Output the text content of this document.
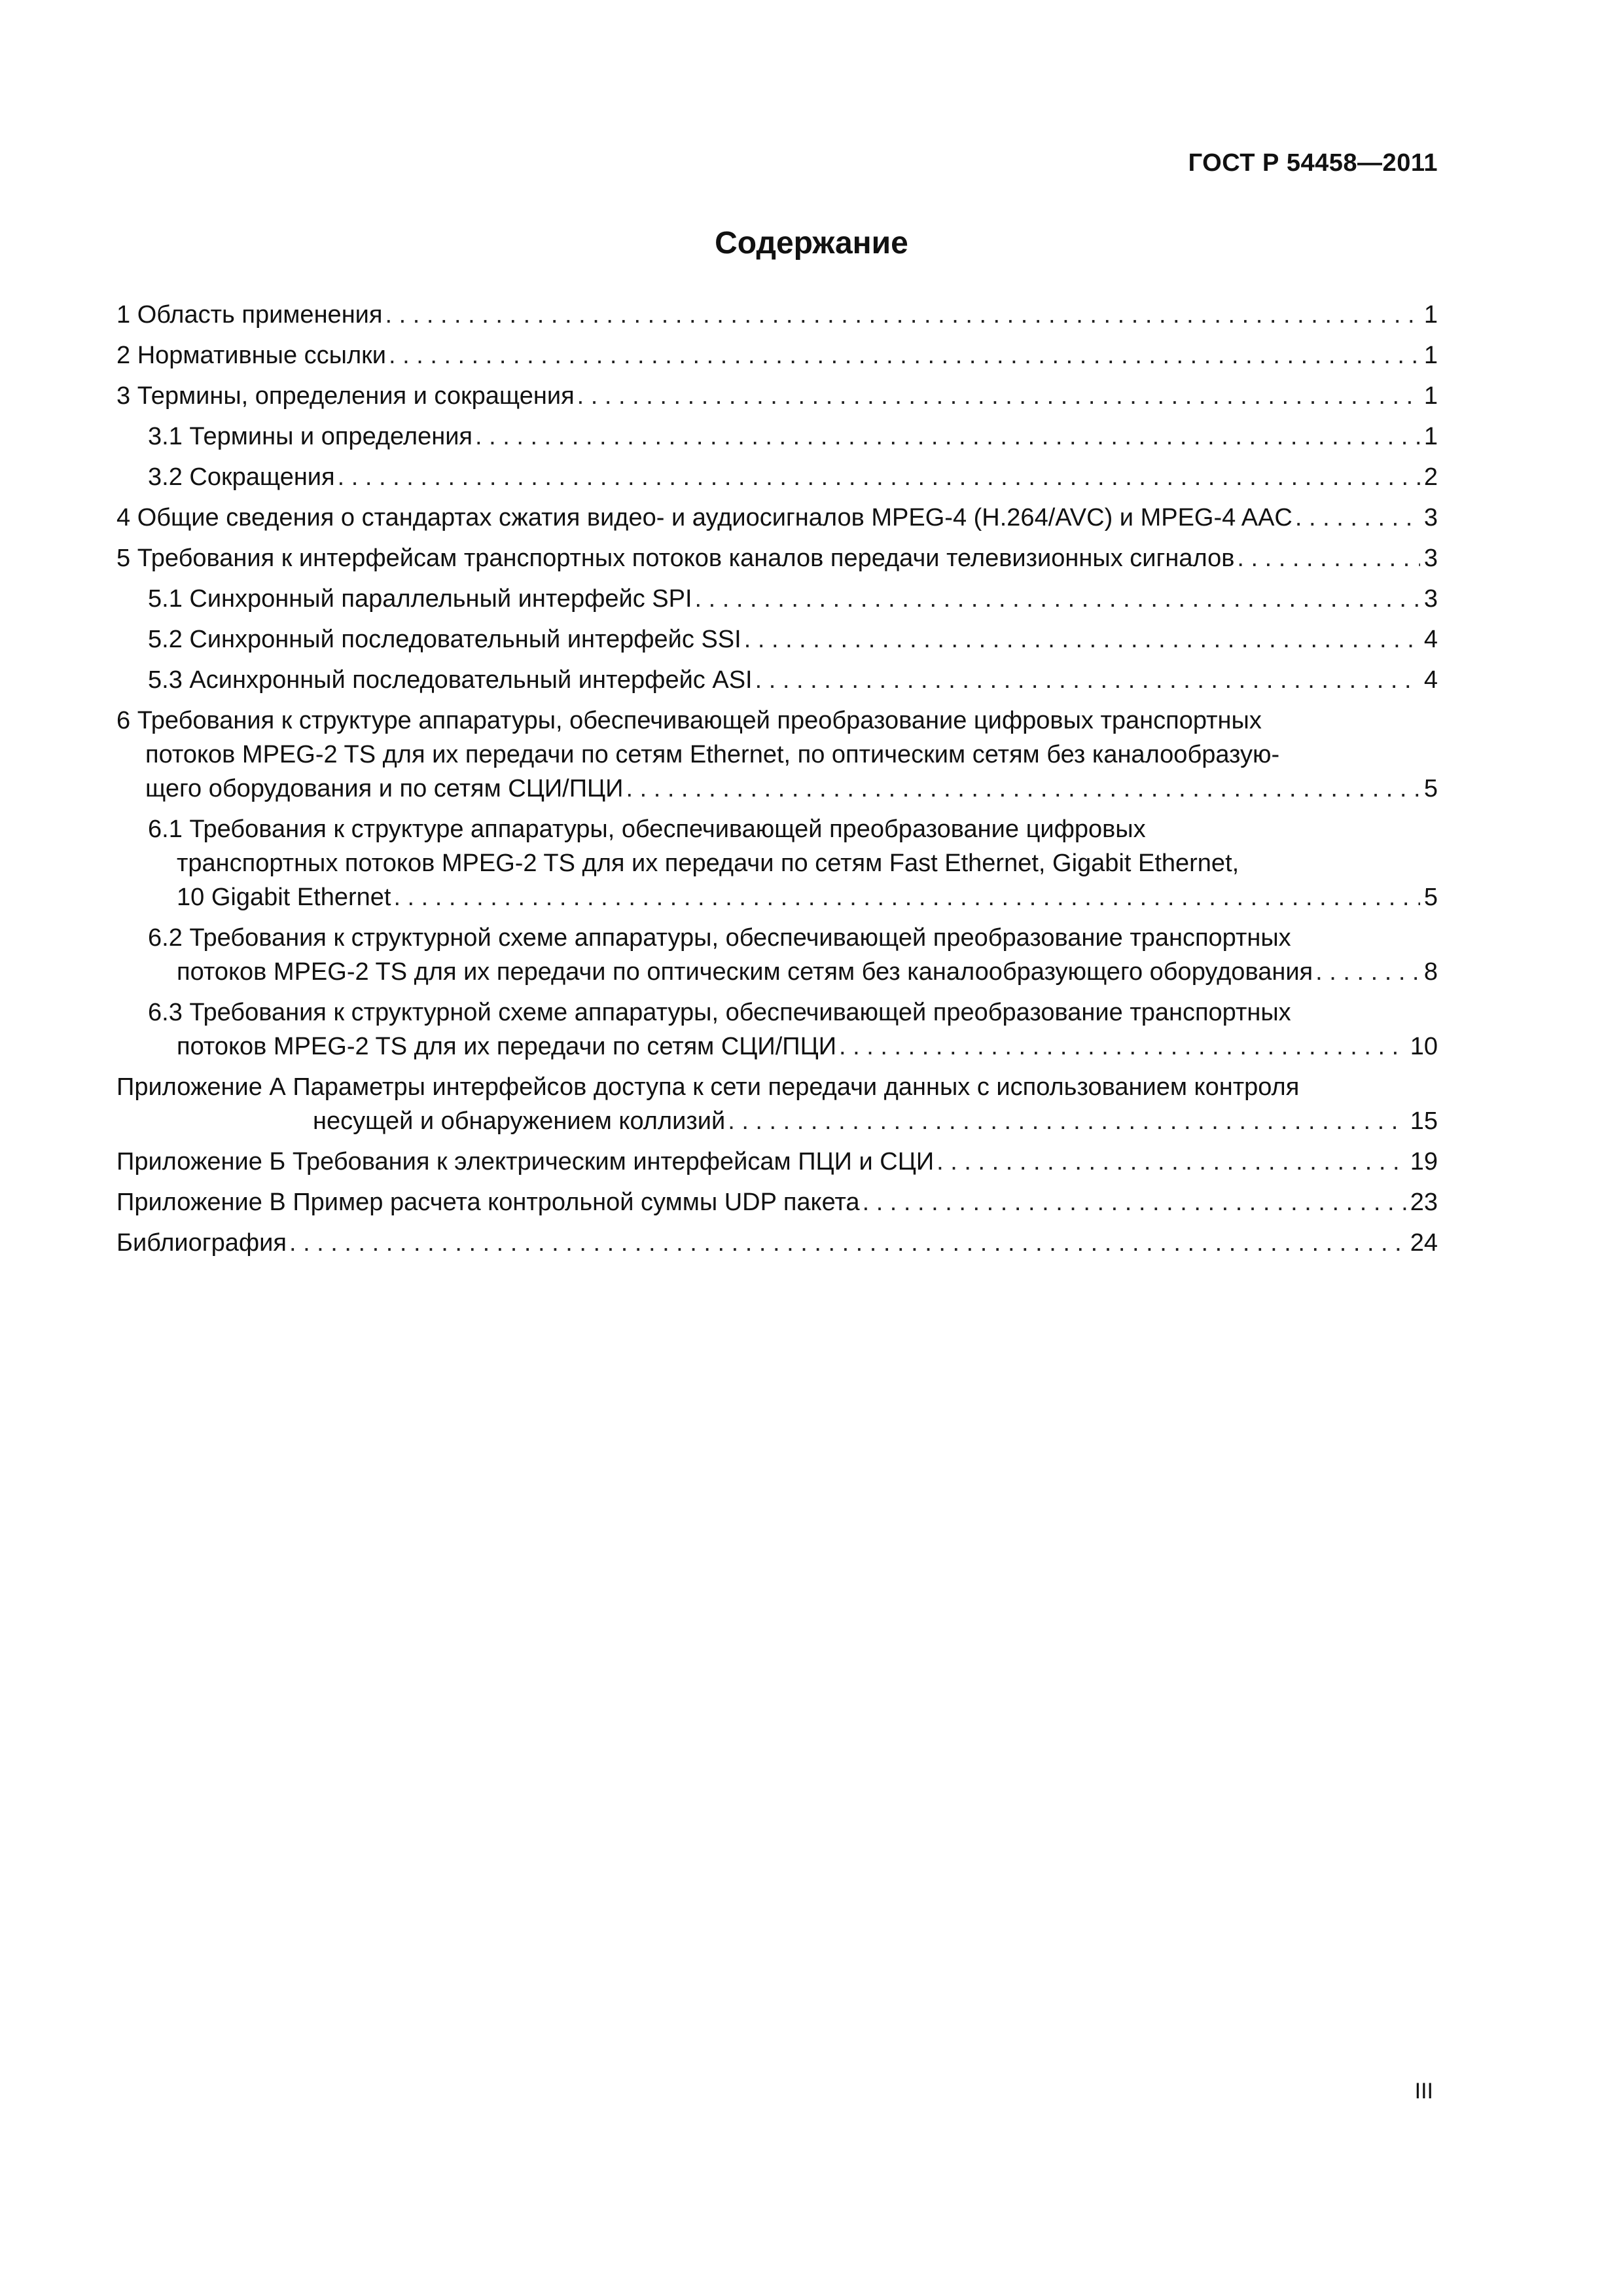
ГОСТ Р 54458—2011
Содержание
1 Область применения . . .	1
2 Нормативные ссылки . . .	1
3 Термины, определения и сокращения . . .	1
3.1 Термины и определения . . .	1
3.2 Сокращения . . .	2
4 Общие сведения о стандартах сжатия видео- и аудиосигналов MPEG-4 (H.264/AVC) и MPEG-4 AAC . . .	3
5 Требования к интерфейсам транспортных потоков каналов передачи телевизионных сигналов . . .	3
5.1 Синхронный параллельный интерфейс SPI . . .	3
5.2 Синхронный последовательный интерфейс SSI . . .	4
5.3 Асинхронный последовательный интерфейс ASI . . .	4
6 Требования к структуре аппаратуры, обеспечивающей преобразование цифровых транспортных
потоков MPEG-2 TS для их передачи по сетям Ethernet, по оптическим сетям без каналообразую-
щего оборудования и по сетям СЦИ/ПЦИ . . .	5
6.1 Требования к структуре аппаратуры, обеспечивающей преобразование цифровых
транспортных потоков MPEG-2 TS для их передачи по сетям Fast Ethernet, Gigabit Ethernet,
10 Gigabit Ethernet . . .	5
6.2 Требования к структурной схеме аппаратуры, обеспечивающей преобразование транспортных
потоков MPEG-2 TS для их передачи по оптическим сетям без каналообразующего оборудования . . .	8
6.3 Требования к структурной схеме аппаратуры, обеспечивающей преобразование транспортных
потоков MPEG-2 TS для их передачи по сетям СЦИ/ПЦИ . . .	10
Приложение А Параметры интерфейсов доступа к сети передачи данных с использованием контроля
несущей и обнаружением коллизий . . .	15
Приложение Б Требования к электрическим интерфейсам ПЦИ и СЦИ . . .	19
Приложение В Пример расчета контрольной суммы UDP пакета . . .	23
Библиография . . .	24
III
